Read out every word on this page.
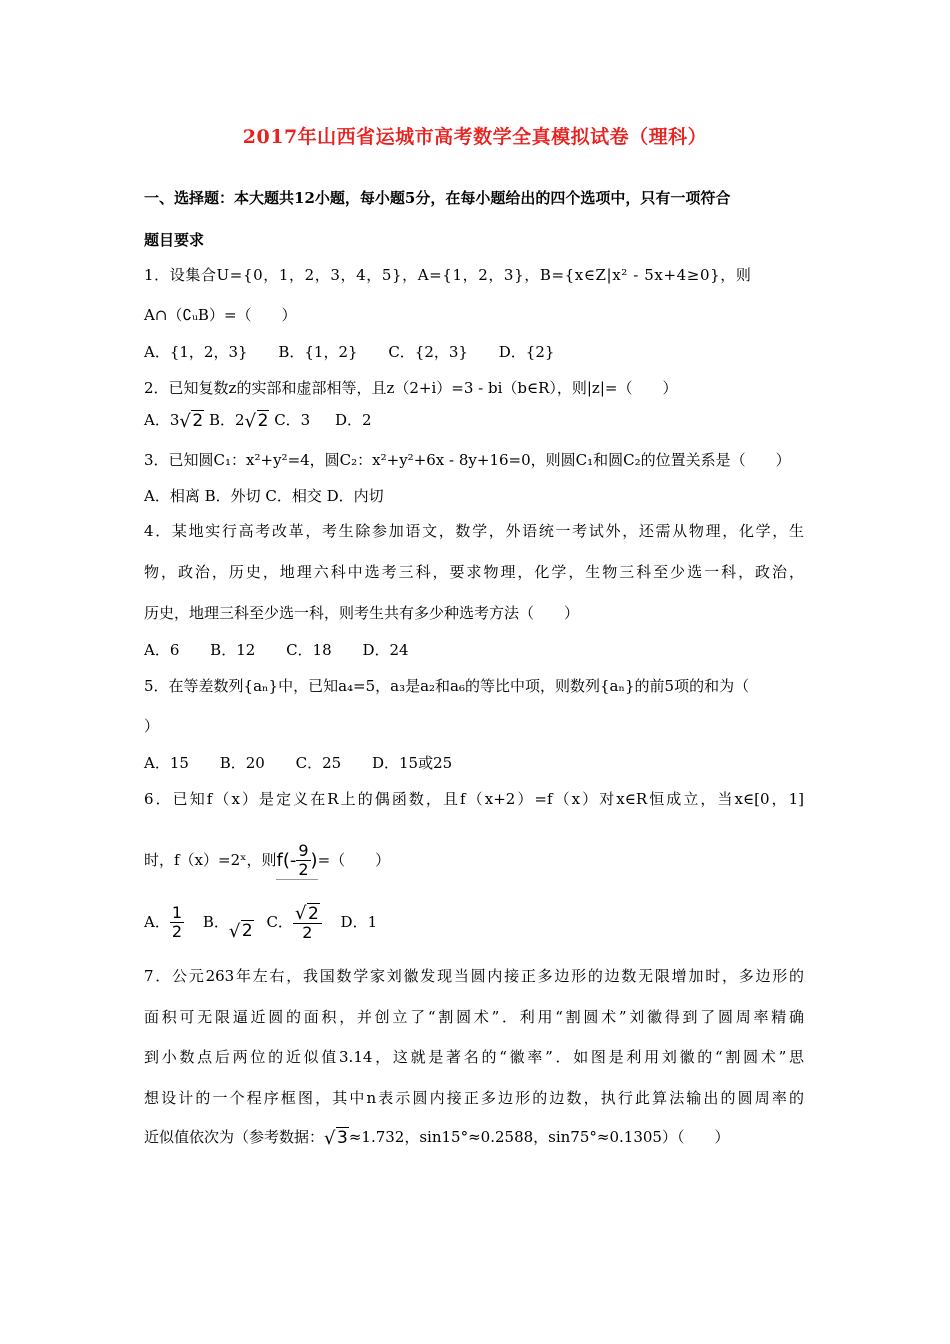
2017年山西省运城市高考数学全真模拟试卷（理科）
一、选择题：本大题共12小题，每小题5分，在每小题给出的四个选项中，只有一项符合
题目要求
1．设集合U={0，1，2，3，4，5}，A={1，2，3}，B={x∈Z|x² - 5x+4≥0}，则
A∩（∁ᵤB）=（　　）
A．{1，2，3} B．{1，2} C．{2，3} D．{2}
2．已知复数z的实部和虚部相等，且z（2+i）=3 - bi（b∈R），则|z|=（　　）
A．3 √ 2 B．2 √ 2 C．3 D．2
3．已知圆C₁：x²+y²=4，圆C₂：x²+y²+6x - 8y+16=0，则圆C₁和圆C₂的位置关系是（　　）
A．相离 B．外切 C．相交 D．内切
4．某地实行高考改革，考生除参加语文，数学，外语统一考试外，还需从物理，化学，生
物，政治，历史，地理六科中选考三科，要求物理，化学，生物三科至少选一科，政治，
历史，地理三科至少选一科，则考生共有多少种选考方法（　　）
A．6 B．12 C．18 D．24
5．在等差数列{aₙ}中，已知a₄=5，a₃是a₂和a₆的等比中项，则数列{aₙ}的前5项的和为（
）
A．15 B．20 C．25 D．15或25
6．已知f（x）是定义在R上的偶函数，且f（x+2）=f（x）对x∈R恒成立，当x∈[0，1]
时，f（x）=2ˣ，则 $f(- \frac{9}{2}$ ) =（　　）
A． $\frac{1}{2}$ B． √ 2 C． $\frac{√ 2}{2}$ D．1
7．公元263年左右，我国数学家刘徽发现当圆内接正多边形的边数无限增加时，多边形的
面积可无限逼近圆的面积，并创立了“割圆术”．利用“割圆术”刘徽得到了圆周率精确
到小数点后两位的近似值3.14，这就是著名的“徽率”．如图是利用刘徽的“割圆术”思
想设计的一个程序框图，其中n表示圆内接正多边形的边数，执行此算法输出的圆周率的
近似值依次为（参考数据： √ 3≈1.732，sin15°≈0.2588，sin75°≈0.1305）（　　）
